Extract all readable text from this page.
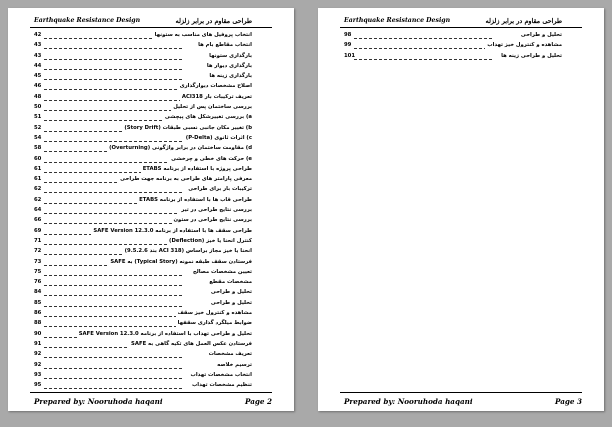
Earthquake Resistance Design	طراحی مقاوم در برابر زلزله
42	انتخاب پروفیل های مناسب به ستونها
43	انتخاب مقاطع بام ها
43	بارگذاری ستونها
44	بارگذاری دیوار ها
45	بارگذاری زینه ها
46	اصلاح مشخصات دیوارگذاری
48	تعریف ترکیبات بار ACI318
50	بررسی ساختمان پس از تحلیل
51	a) بررسی تغییرشکل های پیچشی
52	b) تغییر مکان جانبی نسبی طبقات (Story Drift)
54	c) اثرات ثانوی (P-Delta)
58	d) مقاومت ساختمان در برابر واژگونی (Overturning)
60	e) حرکت های خطی و چرخشی
61	طراحی پروژه با استفاده از برنامه ETABS
61	معرفی پارامتر های طراحی به برنامه جهت طراحی
62	ترکیبات بار برای طراحی
62	طراحی قاب ها با استفاده از برنامه ETABS
64	بررسی نتایج طراحی در تیر
66	بررسی نتایج طراحی در ستون
69	طراحی سقف ها با استفاده از برنامه SAFE Version 12.3.0
71	کنترل انحنا یا خیز (Deflection)
72	انحنا یا خیز مجاز براساس (ACI 318 بند 9.5.2.6)
73	فرستادن سقف طبقه نمونه (Typical Story) به SAFE
75	تعیین مشخصات مصالح
76	مشخصات مقطع
84	تحلیل و طراحی
85	تحلیل و طراحی
86	مشاهده و کنترول خیز سقف
88	ضوابط میلگرد گذاری سقفها
90	تحلیل و طراحی تهداب با استفاده از برنامه SAFE Version 12.3.0
91	فرستادن عکس العمل های تکیه گاهی به SAFE
92	تعریف مشخصات
92	ترسیم خلاصه
93	انتخاب مشخصات تهداب
95	تنظیم مشخصات تهداب
Prepared by: Nooruhoda haqani	Page 2
Earthquake Resistance Design	طراحی مقاوم در برابر زلزله
98	تحلیل و طراحی
99	مشاهده و کنترول خیز تهداب
101	تحلیل و طراحی زینه ها
Prepared by: Nooruhoda haqani	Page 3
